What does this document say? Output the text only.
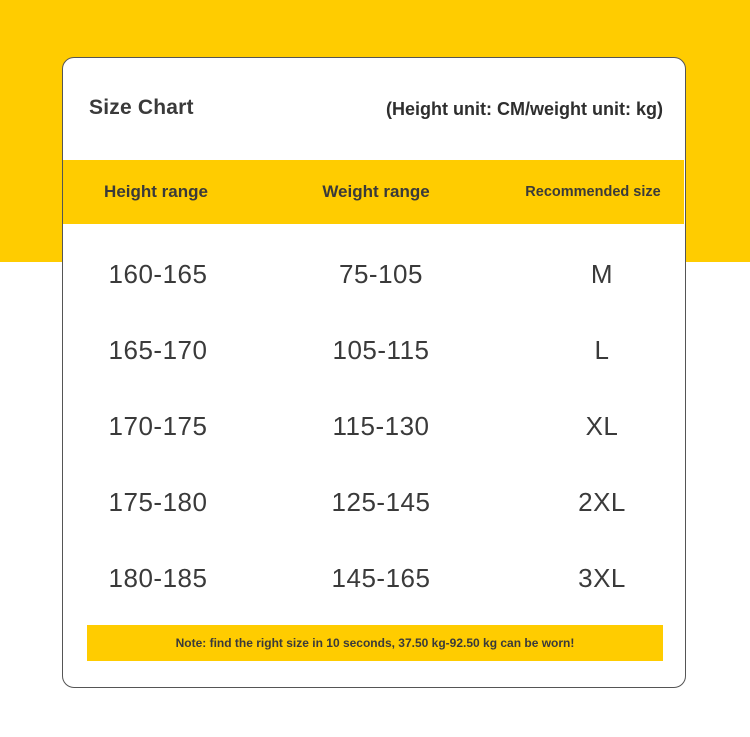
Size Chart	(Height unit: CM/weight unit: kg)
Height range	Weight range	Recommended size
160-165	75-105	M
165-170	105-115	L
170-175	115-130	XL
175-180	125-145	2XL
180-185	145-165	3XL
Note: find the right size in 10 seconds, 37.50 kg-92.50 kg can be worn!
